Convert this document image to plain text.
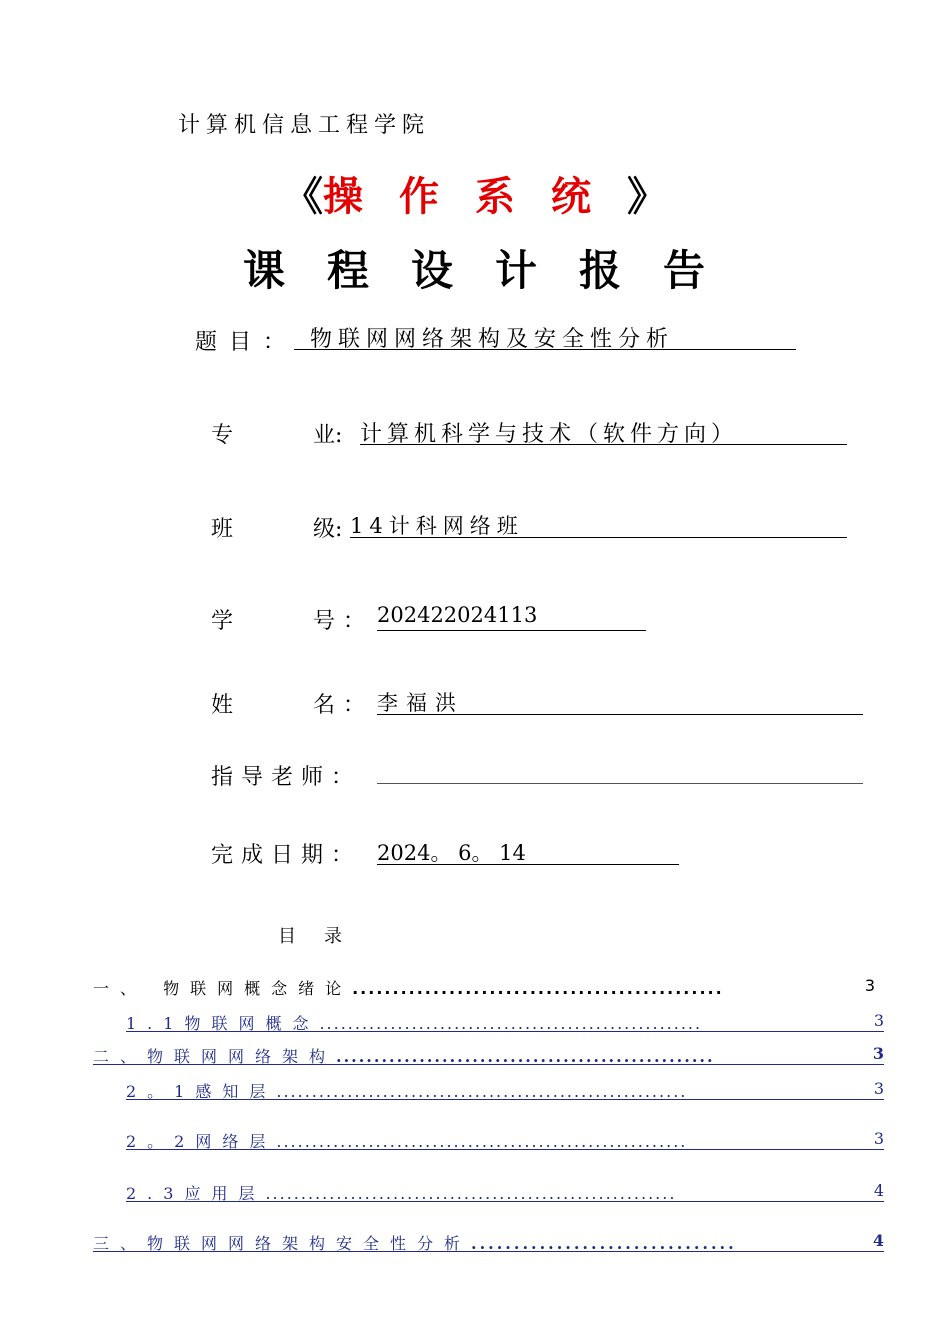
计算机信息工程学院
《操作系统》
课程设计报告
题目： 物联网网络架构及安全性分析
专	业: 计算机科学与技术（软件方向）
班	级: 14计科网络班
学	号： 202422024113
姓	名： 李福洪
指导老师：
完成日期： 2024。 6。 14
目录
一、 物联网概念绪论..............................................	3
1.1物联网概念......................................................	3
二、物联网网络架构..................................................	3
2。1感知层..........................................................	3
2。2网络层..........................................................	3
2.3应用层..........................................................	4
三、物联网网络架构安全性分析...............................	4
